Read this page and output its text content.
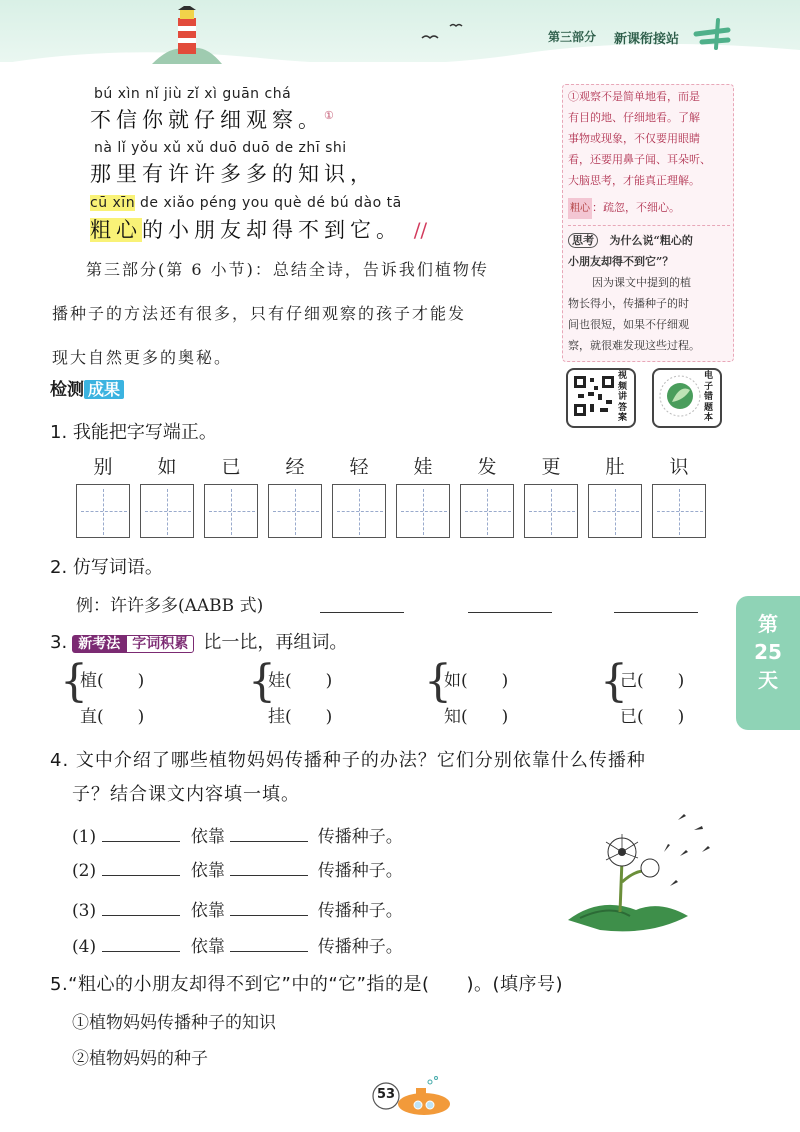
第三部分 新课衔接站
bú xìn nǐ jiù zǐ xì guān chá
不信你就仔细观察。①
nà lǐ yǒu xǔ xǔ duō duō de zhī shi
那里有许许多多的知识，
cū xīn de xiǎo péng you què dé bú dào tā
粗心的小朋友却得不到它。 //
第三部分(第 6 小节)：总结全诗，告诉我们植物传
播种子的方法还有很多，只有仔细观察的孩子才能发
现大自然更多的奥秘。
①观察不是简单地看，而是
有目的地、仔细地看。了解
事物或现象，不仅要用眼睛
看，还要用鼻子闻、耳朵听、
大脑思考，才能真正理解。
粗心 ：疏忽，不细心。
思考 为什么说“粗心的
小朋友却得不到它”？
因为课文中提到的植
物长得小，传播种子的时
间也很短，如果不仔细观
察，就很难发现这些过程。
视
频
讲
答
案
电
子
错
题
本
检测 成果
1. 我能把字写端正。
别	如	已	经	轻	娃	发	更	肚	识
2. 仿写词语。
例：许许多多(AABB 式)
3. 新考法 字词积累 比一比，再组词。
{
植(　　)
直(　　)
{
娃(　　)
挂(　　)
{
如(　　)
知(　　)
{
己(　　)
已(　　)
第
25
天
4. 文中介绍了哪些植物妈妈传播种子的办法？它们分别依靠什么传播种
子？结合课文内容填一填。
(1)	依靠	传播种子。
(2)	依靠	传播种子。
(3)	依靠	传播种子。
(4)	依靠	传播种子。
5.“粗心的小朋友却得不到它”中的“它”指的是(　　)。(填序号)
①植物妈妈传播种子的知识
②植物妈妈的种子
53
